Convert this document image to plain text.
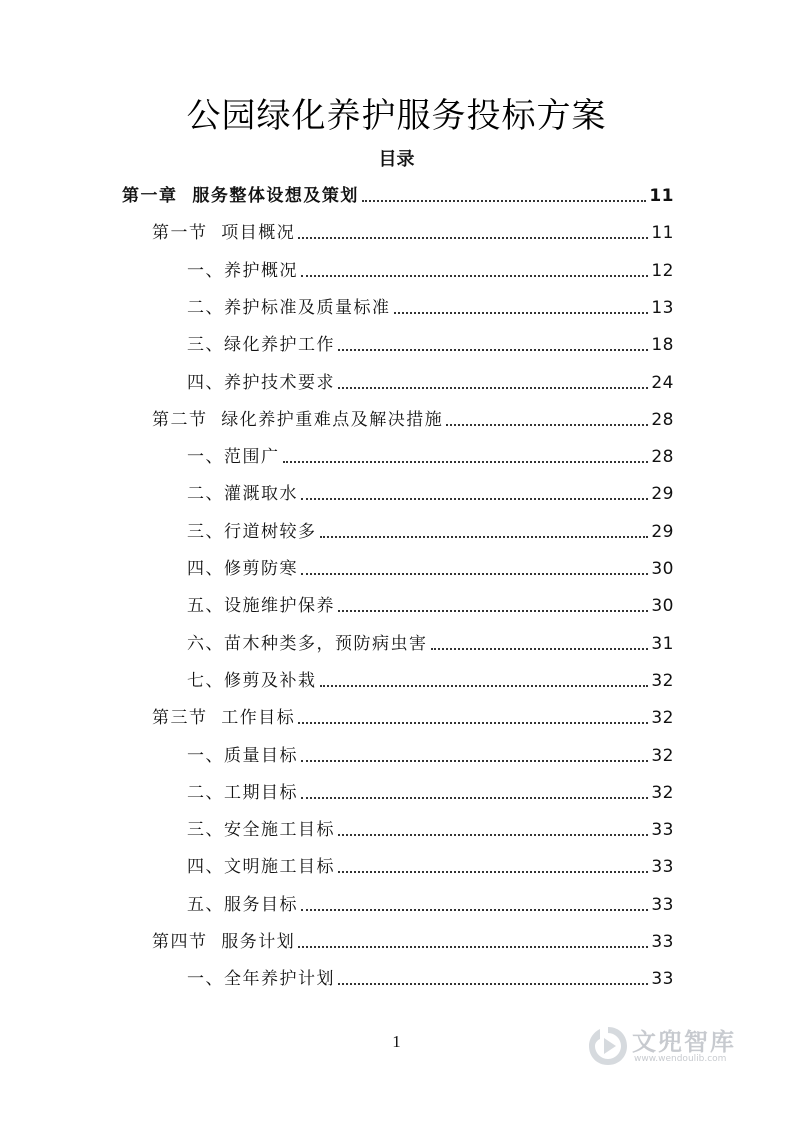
公园绿化养护服务投标方案
目录
第一章  服务整体设想及策划	11
第一节  项目概况	11
一、养护概况	12
二、养护标准及质量标准	13
三、绿化养护工作	18
四、养护技术要求	24
第二节  绿化养护重难点及解决措施	28
一、范围广	28
二、灌溉取水	29
三、行道树较多	29
四、修剪防寒	30
五、设施维护保养	30
六、苗木种类多，预防病虫害	31
七、修剪及补栽	32
第三节  工作目标	32
一、质量目标	32
二、工期目标	32
三、安全施工目标	33
四、文明施工目标	33
五、服务目标	33
第四节  服务计划	33
一、全年养护计划	33
1	文兜智库
www.wendoulib.com
